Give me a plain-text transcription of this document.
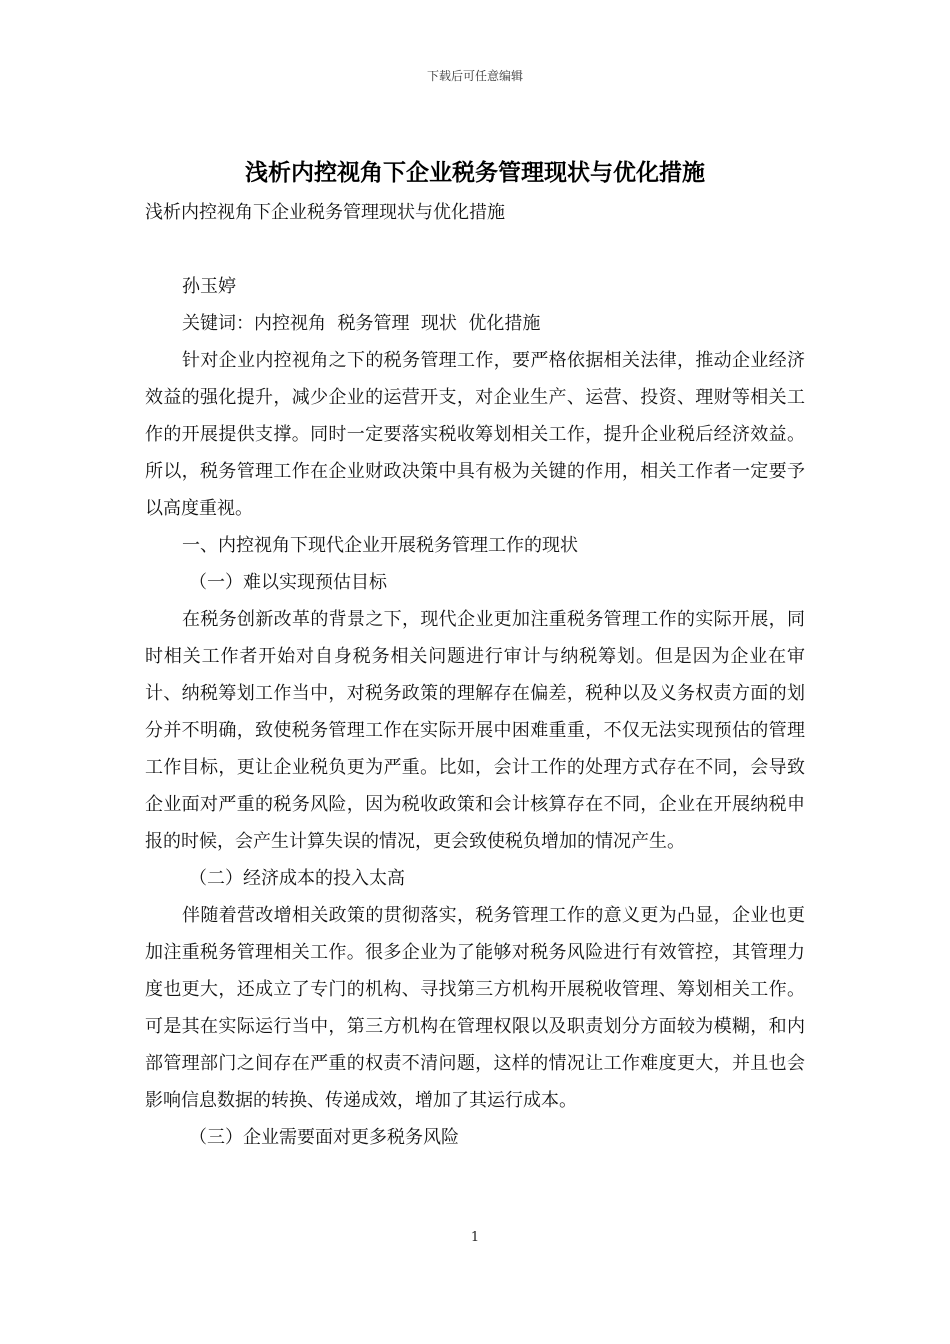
下载后可任意编辑
浅析内控视角下企业税务管理现状与优化措施

浅析内控视角下企业税务管理现状与优化措施

孙玉婷

关键词：内控视角  税务管理  现状  优化措施

针对企业内控视角之下的税务管理工作，要严格依据相关法律，推动企业经济效益的强化提升，减少企业的运营开支，对企业生产、运营、投资、理财等相关工作的开展提供支撑。同时一定要落实税收筹划相关工作，提升企业税后经济效益。所以，税务管理工作在企业财政决策中具有极为关键的作用，相关工作者一定要予以高度重视。

一、内控视角下现代企业开展税务管理工作的现状

（一）难以实现预估目标

在税务创新改革的背景之下，现代企业更加注重税务管理工作的实际开展，同时相关工作者开始对自身税务相关问题进行审计与纳税筹划。但是因为企业在审计、纳税筹划工作当中，对税务政策的理解存在偏差，税种以及义务权责方面的划分并不明确，致使税务管理工作在实际开展中困难重重，不仅无法实现预估的管理工作目标，更让企业税负更为严重。比如，会计工作的处理方式存在不同，会导致企业面对严重的税务风险，因为税收政策和会计核算存在不同，企业在开展纳税申报的时候，会产生计算失误的情况，更会致使税负增加的情况产生。

（二）经济成本的投入太高

伴随着营改增相关政策的贯彻落实，税务管理工作的意义更为凸显，企业也更加注重税务管理相关工作。很多企业为了能够对税务风险进行有效管控，其管理力度也更大，还成立了专门的机构、寻找第三方机构开展税收管理、筹划相关工作。可是其在实际运行当中，第三方机构在管理权限以及职责划分方面较为模糊，和内部管理部门之间存在严重的权责不清问题，这样的情况让工作难度更大，并且也会影响信息数据的转换、传递成效，增加了其运行成本。

（三）企业需要面对更多税务风险

1
